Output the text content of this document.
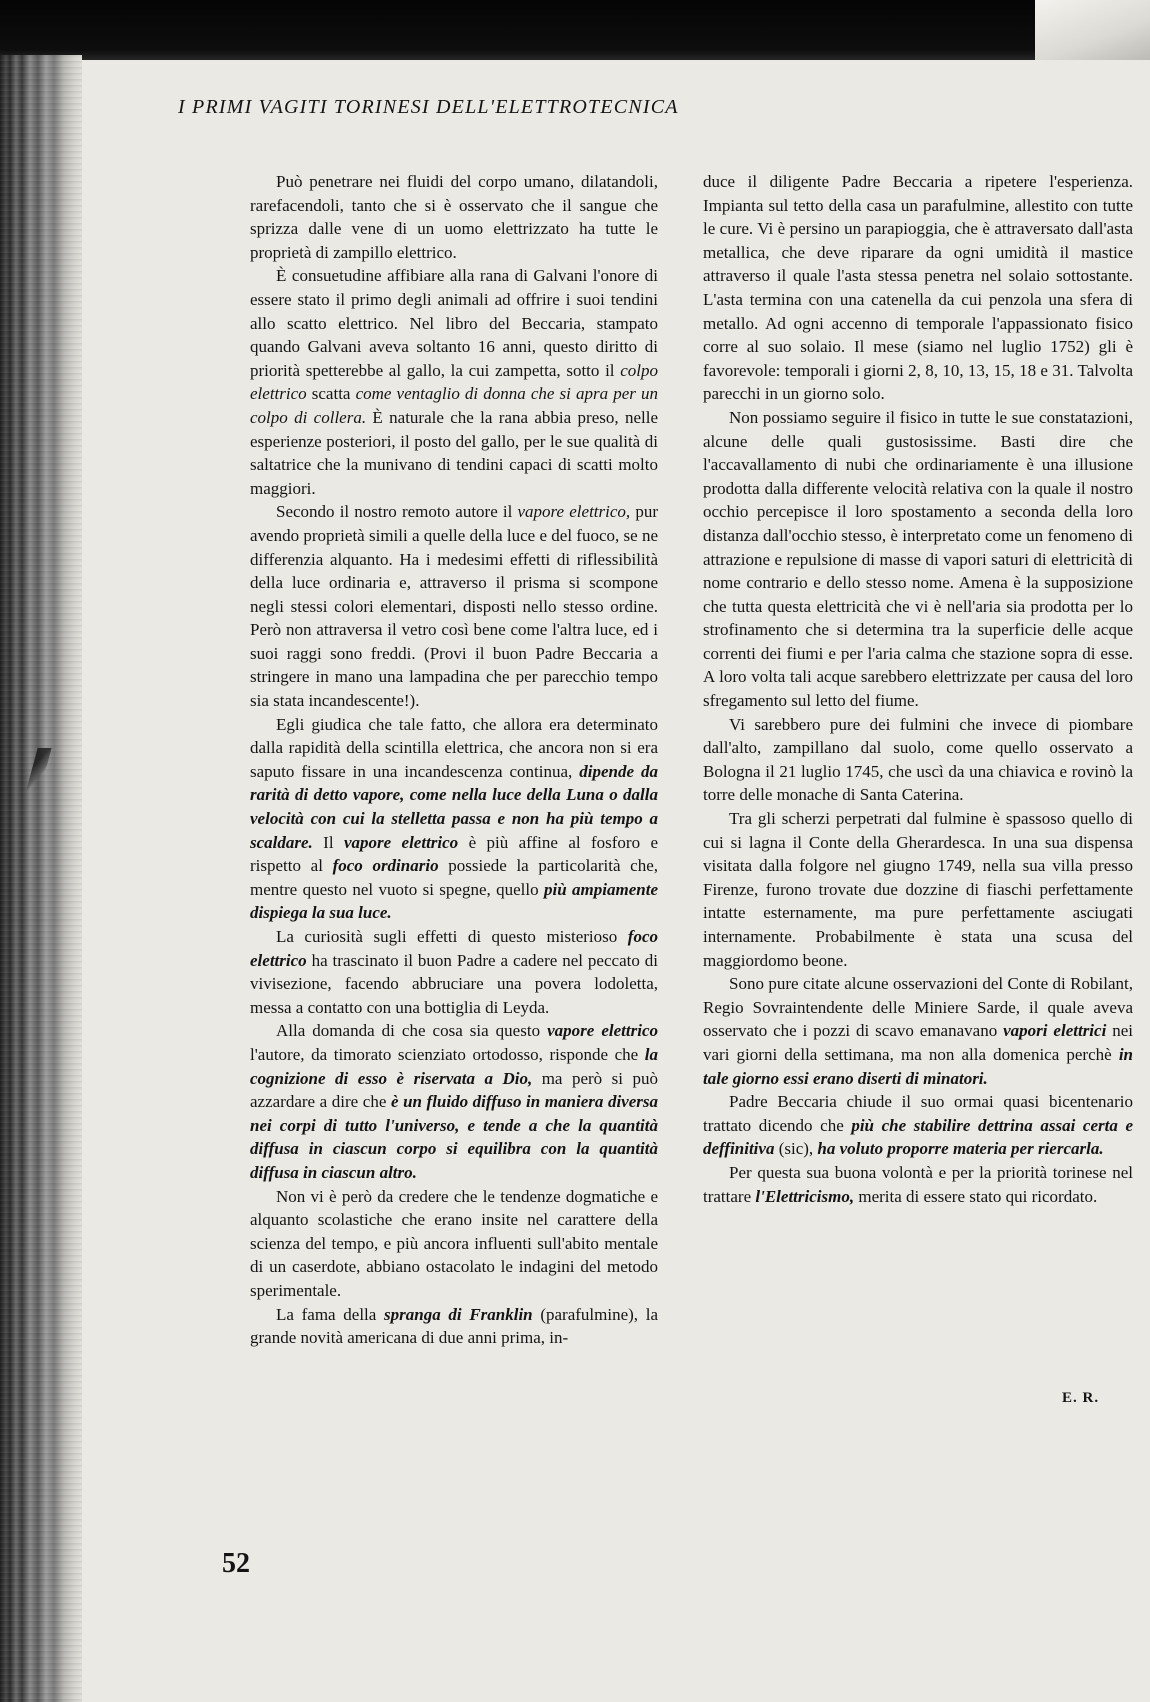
I PRIMI VAGITI TORINESI DELL'ELETTROTECNICA

Può penetrare nei fluidi del corpo umano, dilatandoli, rarefacendoli, tanto che si è osservato che il sangue che sprizza dalle vene di un uomo elettrizzato ha tutte le proprietà di zampillo elettrico.

È consuetudine affibiare alla rana di Galvani l'onore di essere stato il primo degli animali ad offrire i suoi tendini allo scatto elettrico. Nel libro del Beccaria, stampato quando Galvani aveva soltanto 16 anni, questo diritto di priorità spetterebbe al gallo, la cui zampetta, sotto il colpo elettrico scatta come ventaglio di donna che si apra per un colpo di collera. È naturale che la rana abbia preso, nelle esperienze posteriori, il posto del gallo, per le sue qualità di saltatrice che la munivano di tendini capaci di scatti molto maggiori.

Secondo il nostro remoto autore il vapore elettrico, pur avendo proprietà simili a quelle della luce e del fuoco, se ne differenzia alquanto. Ha i medesimi effetti di riflessibilità della luce ordinaria e, attraverso il prisma si scompone negli stessi colori elementari, disposti nello stesso ordine. Però non attraversa il vetro così bene come l'altra luce, ed i suoi raggi sono freddi. (Provi il buon Padre Beccaria a stringere in mano una lampadina che per parecchio tempo sia stata incandescente!).

Egli giudica che tale fatto, che allora era determinato dalla rapidità della scintilla elettrica, che ancora non si era saputo fissare in una incandescenza continua, dipende da rarità di detto vapore, come nella luce della Luna o dalla velocità con cui la stelletta passa e non ha più tempo a scaldare. Il vapore elettrico è più affine al fosforo e rispetto al foco ordinario possiede la particolarità che, mentre questo nel vuoto si spegne, quello più ampiamente dispiega la sua luce.

La curiosità sugli effetti di questo misterioso foco elettrico ha trascinato il buon Padre a cadere nel peccato di vivisezione, facendo abbruciare una povera lodoletta, messa a contatto con una bottiglia di Leyda.

Alla domanda di che cosa sia questo vapore elettrico l'autore, da timorato scienziato ortodosso, risponde che la cognizione di esso è riservata a Dio, ma però si può azzardare a dire che è un fluido diffuso in maniera diversa nei corpi di tutto l'universo, e tende a che la quantità diffusa in ciascun corpo si equilibra con la quantità diffusa in ciascun altro.

Non vi è però da credere che le tendenze dogmatiche e alquanto scolastiche che erano insite nel carattere della scienza del tempo, e più ancora influenti sull'abito mentale di un caserdote, abbiano ostacolato le indagini del metodo sperimentale.

La fama della spranga di Franklin (parafulmine), la grande novità americana di due anni prima, in-

duce il diligente Padre Beccaria a ripetere l'esperienza. Impianta sul tetto della casa un parafulmine, allestito con tutte le cure. Vi è persino un parapioggia, che è attraversato dall'asta metallica, che deve riparare da ogni umidità il mastice attraverso il quale l'asta stessa penetra nel solaio sottostante. L'asta termina con una catenella da cui penzola una sfera di metallo. Ad ogni accenno di temporale l'appassionato fisico corre al suo solaio. Il mese (siamo nel luglio 1752) gli è favorevole: temporali i giorni 2, 8, 10, 13, 15, 18 e 31. Talvolta parecchi in un giorno solo.

Non possiamo seguire il fisico in tutte le sue constatazioni, alcune delle quali gustosissime. Basti dire che l'accavallamento di nubi che ordinariamente è una illusione prodotta dalla differente velocità relativa con la quale il nostro occhio percepisce il loro spostamento a seconda della loro distanza dall'occhio stesso, è interpretato come un fenomeno di attrazione e repulsione di masse di vapori saturi di elettricità di nome contrario e dello stesso nome. Amena è la supposizione che tutta questa elettricità che vi è nell'aria sia prodotta per lo strofinamento che si determina tra la superficie delle acque correnti dei fiumi e per l'aria calma che stazione sopra di esse. A loro volta tali acque sarebbero elettrizzate per causa del loro sfregamento sul letto del fiume.

Vi sarebbero pure dei fulmini che invece di piombare dall'alto, zampillano dal suolo, come quello osservato a Bologna il 21 luglio 1745, che uscì da una chiavica e rovinò la torre delle monache di Santa Caterina.

Tra gli scherzi perpetrati dal fulmine è spassoso quello di cui si lagna il Conte della Gherardesca. In una sua dispensa visitata dalla folgore nel giugno 1749, nella sua villa presso Firenze, furono trovate due dozzine di fiaschi perfettamente intatte esternamente, ma pure perfettamente asciugati internamente. Probabilmente è stata una scusa del maggiordomo beone.

Sono pure citate alcune osservazioni del Conte di Robilant, Regio Sovraintendente delle Miniere Sarde, il quale aveva osservato che i pozzi di scavo emanavano vapori elettrici nei vari giorni della settimana, ma non alla domenica perchè in tale giorno essi erano diserti di minatori.

Padre Beccaria chiude il suo ormai quasi bicentenario trattato dicendo che più che stabilire dettrina assai certa e deffinitiva (sic), ha voluto proporre materia per riercarla.

Per questa sua buona volontà e per la priorità torinese nel trattare l'Elettricismo, merita di essere stato qui ricordato.

E. R.
52
